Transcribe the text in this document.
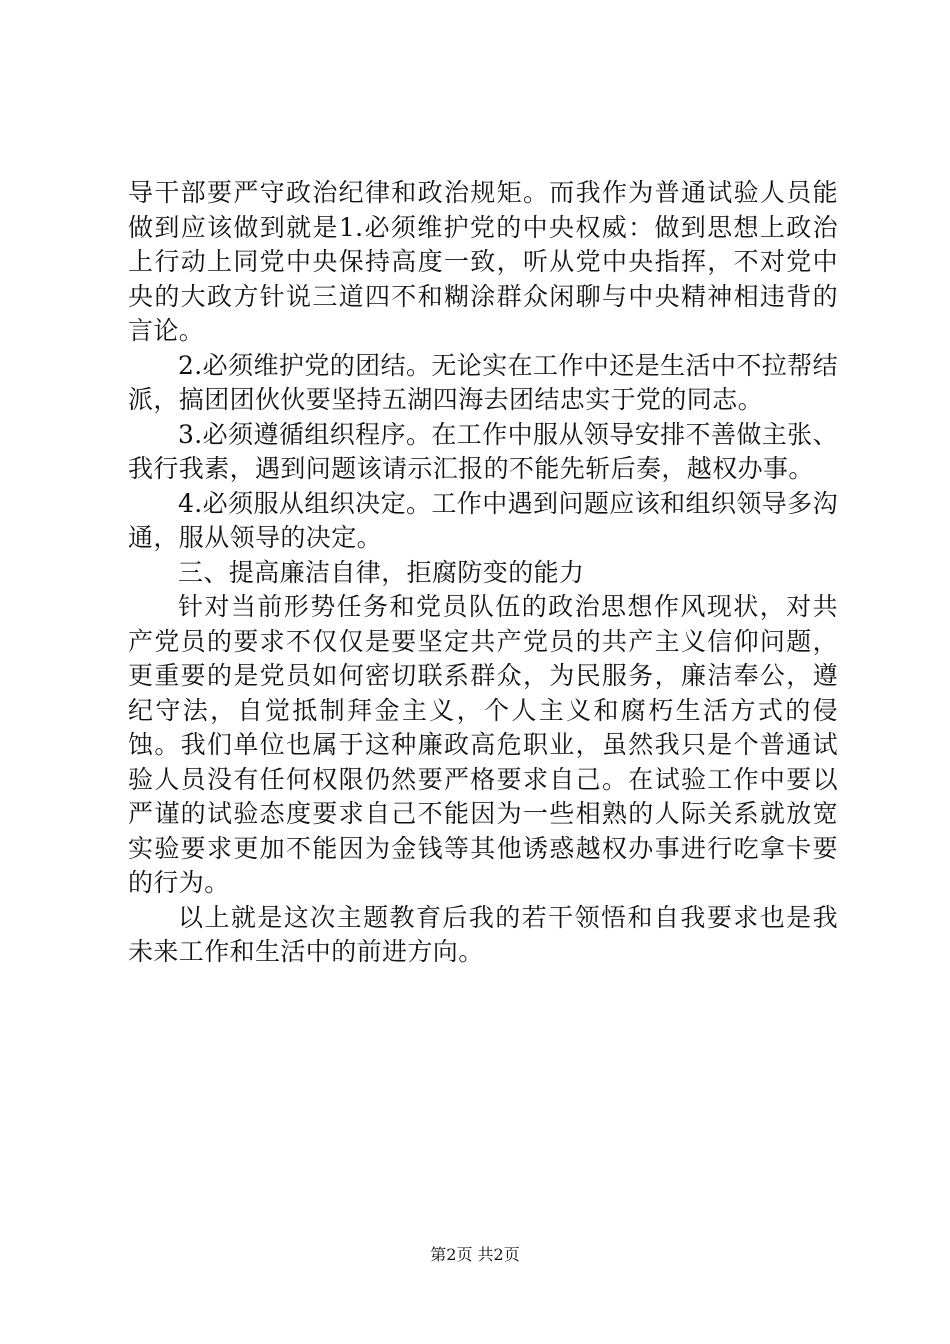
导干部要严守政治纪律和政治规矩。而我作为普通试验人员能做到应该做到就是1.必须维护党的中央权威：做到思想上政治上行动上同党中央保持高度一致，听从党中央指挥，不对党中央的大政方针说三道四不和糊涂群众闲聊与中央精神相违背的言论。

2.必须维护党的团结。无论实在工作中还是生活中不拉帮结派，搞团团伙伙要坚持五湖四海去团结忠实于党的同志。

3.必须遵循组织程序。在工作中服从领导安排不善做主张、我行我素，遇到问题该请示汇报的不能先斩后奏，越权办事。

4.必须服从组织决定。工作中遇到问题应该和组织领导多沟通，服从领导的决定。

三、提高廉洁自律，拒腐防变的能力

针对当前形势任务和党员队伍的政治思想作风现状，对共产党员的要求不仅仅是要坚定共产党员的共产主义信仰问题，更重要的是党员如何密切联系群众，为民服务，廉洁奉公，遵纪守法，自觉抵制拜金主义，个人主义和腐朽生活方式的侵蚀。我们单位也属于这种廉政高危职业，虽然我只是个普通试验人员没有任何权限仍然要严格要求自己。在试验工作中要以严谨的试验态度要求自己不能因为一些相熟的人际关系就放宽实验要求更加不能因为金钱等其他诱惑越权办事进行吃拿卡要的行为。

以上就是这次主题教育后我的若干领悟和自我要求也是我未来工作和生活中的前进方向。

第2页 共2页
